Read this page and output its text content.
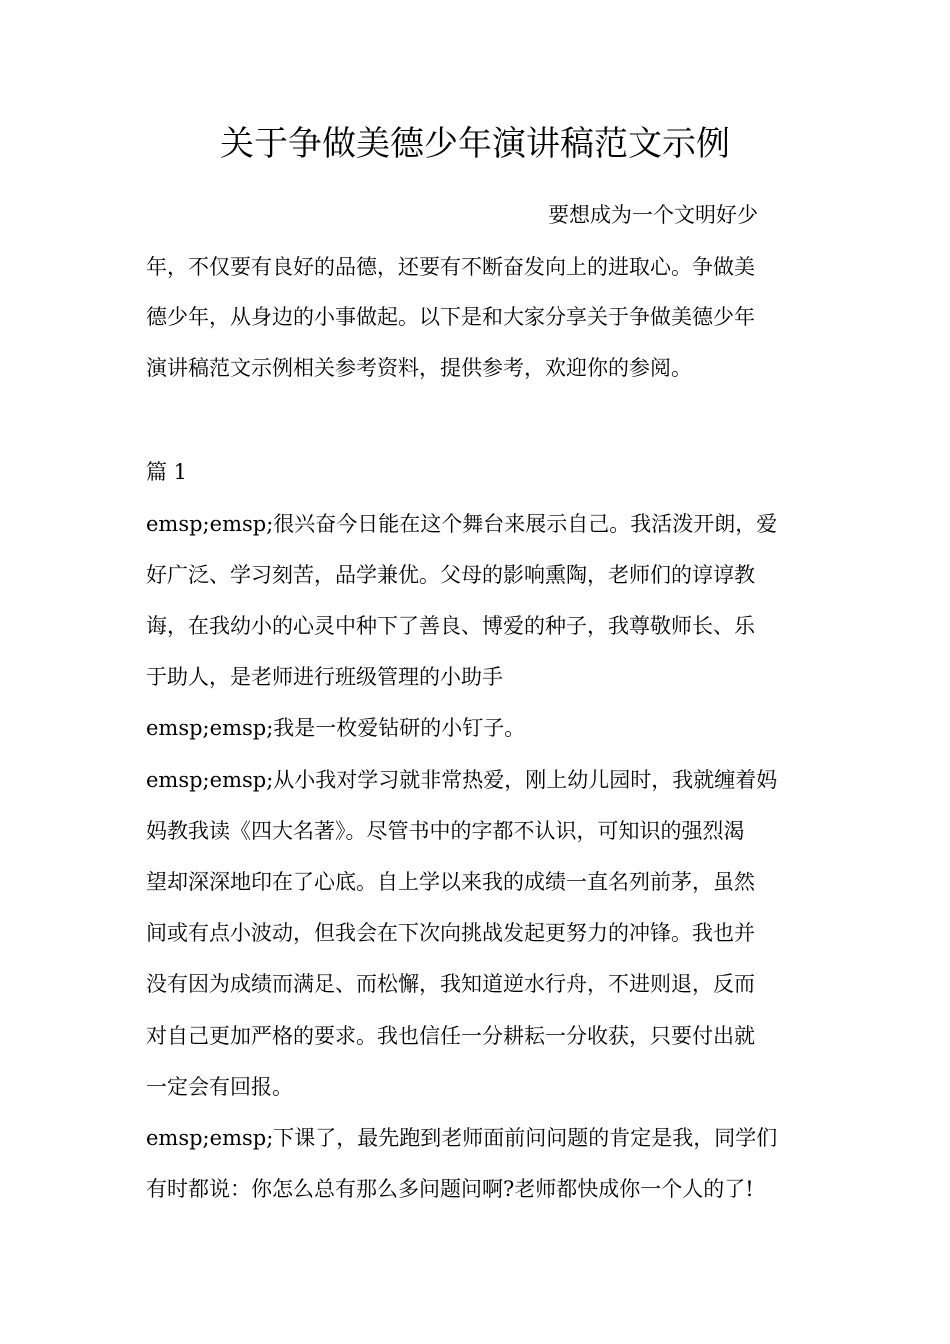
关于争做美德少年演讲稿范文示例
要想成为一个文明好少
年，不仅要有良好的品德，还要有不断奋发向上的进取心。争做美
德少年，从身边的小事做起。以下是和大家分享关于争做美德少年
演讲稿范文示例相关参考资料，提供参考，欢迎你的参阅。
篇 1
emsp;emsp;很兴奋今日能在这个舞台来展示自己。我活泼开朗，爱
好广泛、学习刻苦，品学兼优。父母的影响熏陶，老师们的谆谆教
诲，在我幼小的心灵中种下了善良、博爱的种子，我尊敬师长、乐
于助人，是老师进行班级管理的小助手
emsp;emsp;我是一枚爱钻研的小钉子。
emsp;emsp;从小我对学习就非常热爱，刚上幼儿园时，我就缠着妈
妈教我读《四大名著》。尽管书中的字都不认识，可知识的强烈渴
望却深深地印在了心底。自上学以来我的成绩一直名列前茅，虽然
间或有点小波动，但我会在下次向挑战发起更努力的冲锋。我也并
没有因为成绩而满足、而松懈，我知道逆水行舟，不进则退，反而
对自己更加严格的要求。我也信任一分耕耘一分收获，只要付出就
一定会有回报。
emsp;emsp;下课了，最先跑到老师面前问问题的肯定是我，同学们
有时都说：你怎么总有那么多问题问啊?老师都快成你一个人的了!
